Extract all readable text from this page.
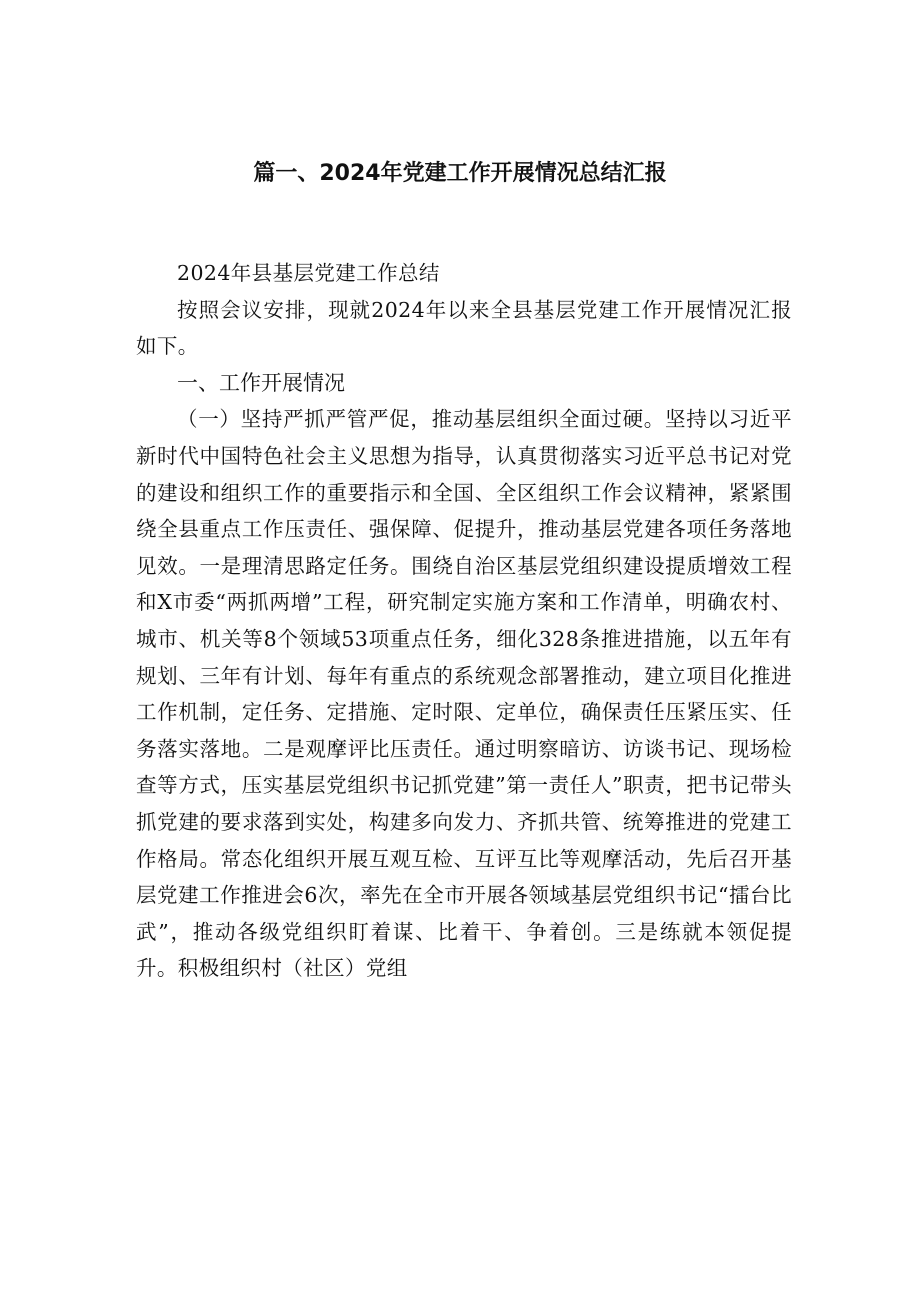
篇一、2024年党建工作开展情况总结汇报

2024年县基层党建工作总结

按照会议安排，现就2024年以来全县基层党建工作开展情况汇报如下。

一、工作开展情况

（一）坚持严抓严管严促，推动基层组织全面过硬。坚持以习近平新时代中国特色社会主义思想为指导，认真贯彻落实习近平总书记对党的建设和组织工作的重要指示和全国、全区组织工作会议精神，紧紧围绕全县重点工作压责任、强保障、促提升，推动基层党建各项任务落地见效。一是理清思路定任务。围绕自治区基层党组织建设提质增效工程和X市委“两抓两增”工程，研究制定实施方案和工作清单，明确农村、城市、机关等8个领域53项重点任务，细化328条推进措施，以五年有规划、三年有计划、每年有重点的系统观念部署推动，建立项目化推进工作机制，定任务、定措施、定时限、定单位，确保责任压紧压实、任务落实落地。二是观摩评比压责任。通过明察暗访、访谈书记、现场检查等方式，压实基层党组织书记抓党建”第一责任人”职责，把书记带头抓党建的要求落到实处，构建多向发力、齐抓共管、统筹推进的党建工作格局。常态化组织开展互观互检、互评互比等观摩活动，先后召开基层党建工作推进会6次，率先在全市开展各领域基层党组织书记“擂台比武”，推动各级党组织盯着谋、比着干、争着创。三是练就本领促提升。积极组织村（社区）党组
